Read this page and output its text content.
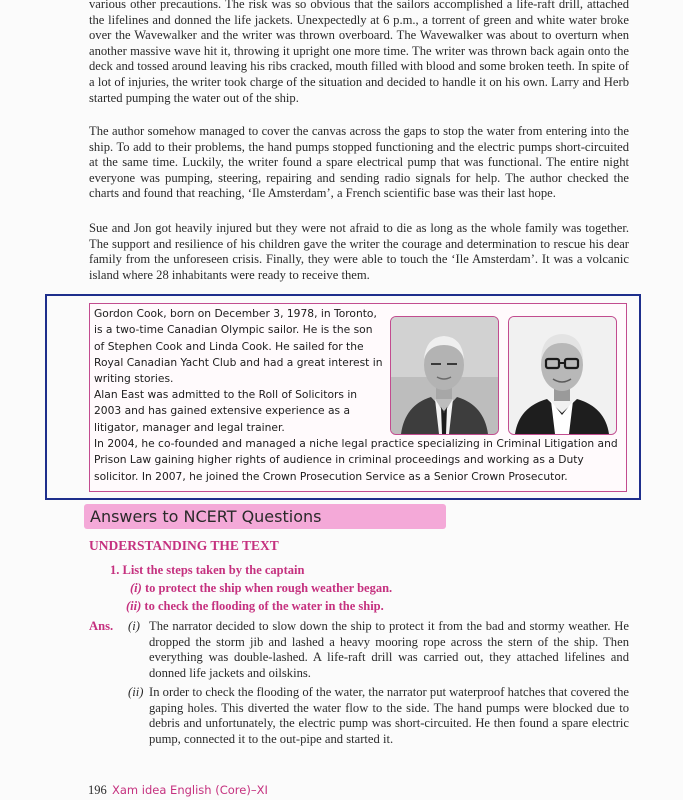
various other precautions. The risk was so obvious that the sailors accomplished a life-raft drill, attached the lifelines and donned the life jackets. Unexpectedly at 6 p.m., a torrent of green and white water broke over the Wavewalker and the writer was thrown overboard. The Wavewalker was about to overturn when another massive wave hit it, throwing it upright one more time. The writer was thrown back again onto the deck and tossed around leaving his ribs cracked, mouth filled with blood and some broken teeth. In spite of a lot of injuries, the writer took charge of the situation and decided to handle it on his own. Larry and Herb started pumping the water out of the ship.

The author somehow managed to cover the canvas across the gaps to stop the water from entering into the ship. To add to their problems, the hand pumps stopped functioning and the electric pumps short-circuited at the same time. Luckily, the writer found a spare electrical pump that was functional. The entire night everyone was pumping, steering, repairing and sending radio signals for help. The author checked the charts and found that reaching, ‘Ile Amsterdam’, a French scientific base was their last hope.

Sue and Jon got heavily injured but they were not afraid to die as long as the whole family was together. The support and resilience of his children gave the writer the courage and determination to rescue his dear family from the unforeseen crisis. Finally, they were able to touch the ‘Ile Amsterdam’. It was a volcanic island where 28 inhabitants were ready to receive them.

Gordon Cook, born on December 3, 1978, in Toronto, is a two-time Canadian Olympic sailor. He is the son of Stephen Cook and Linda Cook. He sailed for the Royal Canadian Yacht Club and had a great interest in writing stories.

Alan East was admitted to the Roll of Solicitors in 2003 and has gained extensive experience as a litigator, manager and legal trainer.

In 2004, he co-founded and managed a niche legal practice specializing in Criminal Litigation and Prison Law gaining higher rights of audience in criminal proceedings and working as a Duty solicitor. In 2007, he joined the Crown Prosecution Service as a Senior Crown Prosecutor.

Answers to NCERT Questions
UNDERSTANDING THE TEXT

1. List the steps taken by the captain

(i) to protect the ship when rough weather began.

(ii) to check the flooding of the water in the ship.

Ans. (i) The narrator decided to slow down the ship to protect it from the bad and stormy weather. He dropped the storm jib and lashed a heavy mooring rope across the stern of the ship. Then everything was double-lashed. A life-raft drill was carried out, they attached lifelines and donned life jackets and oilskins.

(ii) In order to check the flooding of the water, the narrator put waterproof hatches that covered the gaping holes. This diverted the water flow to the side. The hand pumps were blocked due to debris and unfortunately, the electric pump was short-circuited. He then found a spare electric pump, connected it to the out-pipe and started it.

196 Xam idea English (Core)–XI
